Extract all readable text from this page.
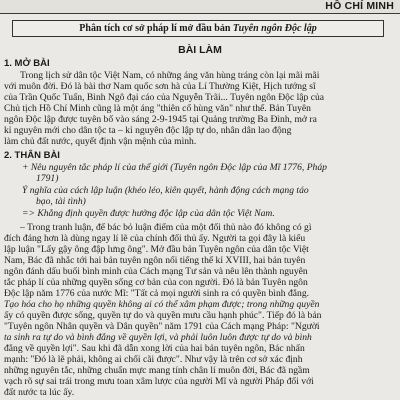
HỒ CHÍ MINH
Phân tích cơ sở pháp lí mở đầu bản Tuyên ngôn Độc lập
BÀI LÀM
1. MỞ BÀI
Trong lịch sử dân tộc Việt Nam, có những áng văn hùng tráng còn lại mãi mãi
với muôn đời. Đó là bài thơ Nam quốc sơn hà của Lí Thường Kiệt, Hịch tướng sĩ
của Trần Quốc Tuấn, Bình Ngô đại cáo của Nguyễn Trãi... Tuyên ngôn Độc lập của
Chủ tịch Hồ Chí Minh cũng là một áng "thiên cổ hùng văn" như thế. Bản Tuyên
ngôn Độc lập được tuyên bố vào sáng 2-9-1945 tại Quảng trường Ba Đình, mở ra
kỉ nguyên mới cho dân tộc ta – kỉ nguyên độc lập tự do, nhân dân lao động
làm chủ đất nước, quyết định vận mệnh của mình.
2. THÂN BÀI
+ Nêu nguyên tắc pháp lí của thế giới (Tuyên ngôn Độc lập của Mĩ 1776, Pháp
1791)
Ý nghĩa của cách lập luận (khéo léo, kiên quyết, hành động cách mạng táo
bạo, tài tình)
=> Khẳng định quyền được hưởng độc lập của dân tộc Việt Nam.
– Trong tranh luận, để bác bỏ luận điểm của một đối thủ nào đó không có gì
đích đáng hơn là dùng ngay lí lẽ của chính đối thủ ấy. Người ta gọi đây là kiểu
lập luận "Lấy gậy ông đập lưng ông". Mở đầu bản Tuyên ngôn của dân tộc Việt
Nam, Bác đã nhắc tới hai bản tuyên ngôn nổi tiếng thế kỉ XVIII, hai bản tuyên
ngôn đánh dấu buổi bình minh của Cách mạng Tư sản và nêu lên thành nguyên
tắc pháp lí của những quyền sống cơ bản của con người. Đó là bản Tuyên ngôn
Độc lập năm 1776 của nước Mĩ: "Tất cả mọi người sinh ra có quyền bình đẳng.
Tạo hóa cho họ những quyền không ai có thể xâm phạm được; trong những quyền
ấy có quyền được sống, quyền tự do và quyền mưu cầu hạnh phúc". Tiếp đó là bản
"Tuyên ngôn Nhân quyền và Dân quyền" năm 1791 của Cách mạng Pháp: "Người
ta sinh ra tự do và bình đẳng về quyền lợi, và phải luôn luôn được tự do và bình
đẳng về quyền lợi". Sau khi đã dẫn xong lời của hai bản tuyên ngôn, Bác nhấn
mạnh: "Đó là lẽ phải, không ai chối cãi được". Như vậy là trên cơ sở xác định
những nguyên tắc, những chuẩn mực mang tính chân lí muôn đời, Bác đã ngầm
vạch rõ sự sai trái trong mưu toan xâm lược của người Mĩ và người Pháp đối với
đất nước ta lúc ấy.
